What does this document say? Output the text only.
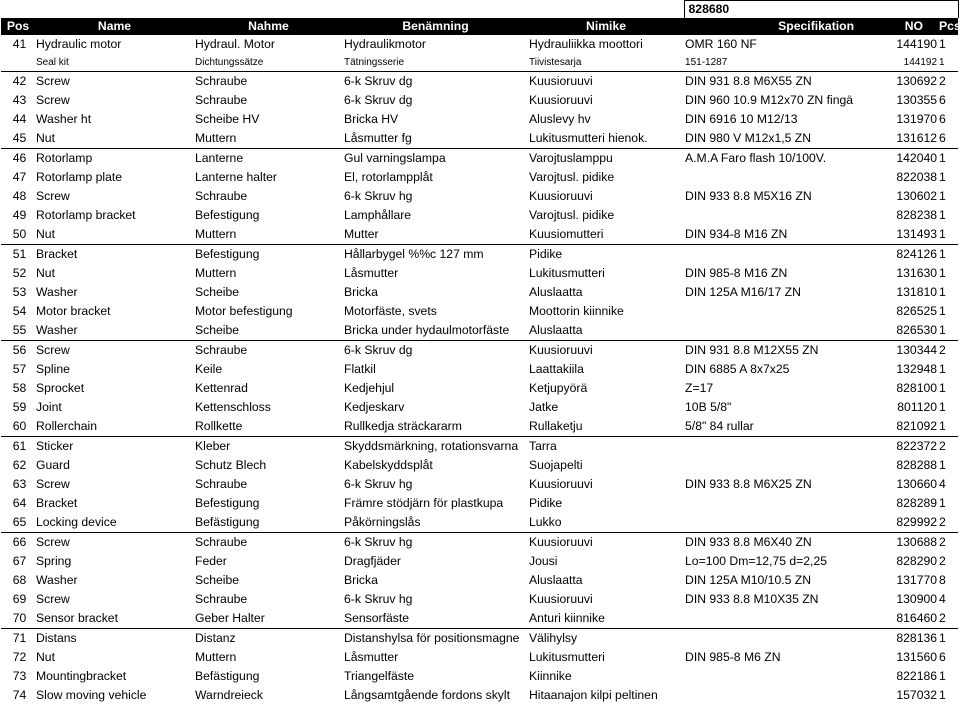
					828680		
Pos	Name	Nahme	Benämning	Nimike	Specifikation	NO	Pcs
41	Hydraulic motor	Hydraul. Motor	Hydraulikmotor	Hydrauliikka moottori	OMR 160 NF	144190	1
	Seal kit	Dichtungssätze	Tätningsserie	Tiivistesarja	151-1287	144192	1
42	Screw	Schraube	6-k Skruv dg	Kuusioruuvi	DIN 931 8.8 M6X55 ZN	130692	2
43	Screw	Schraube	6-k Skruv dg	Kuusioruuvi	DIN 960 10.9 M12x70 ZN fingä	130355	6
44	Washer ht	Scheibe HV	Bricka HV	Aluslevy hv	DIN 6916 10 M12/13	131970	6
45	Nut	Muttern	Låsmutter fg	Lukitusmutteri hienok.	DIN 980 V M12x1,5 ZN	131612	6
46	Rotorlamp	Lanterne	Gul varningslampa	Varojtuslamppu	A.M.A Faro flash 10/100V.	142040	1
47	Rotorlamp plate	Lanterne halter	El, rotorlampplåt	Varojtusl. pidike		822038	1
48	Screw	Schraube	6-k Skruv hg	Kuusioruuvi	DIN 933 8.8 M5X16 ZN	130602	1
49	Rotorlamp bracket	Befestigung	Lamphållare	Varojtusl. pidike		828238	1
50	Nut	Muttern	Mutter	Kuusiomutteri	DIN 934-8 M16 ZN	131493	1
51	Bracket	Befestigung	Hållarbygel %%c 127 mm	Pidike		824126	1
52	Nut	Muttern	Låsmutter	Lukitusmutteri	DIN 985-8 M16 ZN	131630	1
53	Washer	Scheibe	Bricka	Aluslaatta	DIN 125A M16/17 ZN	131810	1
54	Motor bracket	Motor befestigung	Motorfäste, svets	Moottorin kiinnike		826525	1
55	Washer	Scheibe	Bricka under hydaulmotorfäste	Aluslaatta		826530	1
56	Screw	Schraube	6-k Skruv dg	Kuusioruuvi	DIN 931 8.8 M12X55 ZN	130344	2
57	Spline	Keile	Flatkil	Laattakiila	DIN 6885 A 8x7x25	132948	1
58	Sprocket	Kettenrad	Kedjehjul	Ketjupyörä	Z=17	828100	1
59	Joint	Kettenschloss	Kedjeskarv	Jatke	10B 5/8"	801120	1
60	Rollerchain	Rollkette	Rullkedja sträckararm	Rullaketju	5/8" 84 rullar	821092	1
61	Sticker	Kleber	Skyddsmärkning, rotationsvarna	Tarra		822372	2
62	Guard	Schutz Blech	Kabelskyddsplåt	Suojapelti		828288	1
63	Screw	Schraube	6-k Skruv hg	Kuusioruuvi	DIN 933 8.8 M6X25 ZN	130660	4
64	Bracket	Befestigung	Främre stödjärn för plastkupa	Pidike		828289	1
65	Locking device	Befästigung	Påkörningslås	Lukko		829992	2
66	Screw	Schraube	6-k Skruv hg	Kuusioruuvi	DIN 933 8.8 M6X40 ZN	130688	2
67	Spring	Feder	Dragfjäder	Jousi	Lo=100 Dm=12,75 d=2,25	828290	2
68	Washer	Scheibe	Bricka	Aluslaatta	DIN 125A M10/10.5 ZN	131770	8
69	Screw	Schraube	6-k Skruv hg	Kuusioruuvi	DIN 933 8.8 M10X35 ZN	130900	4
70	Sensor bracket	Geber Halter	Sensorfäste	Anturi kiinnike		816460	2
71	Distans	Distanz	Distanshylsa för positionsmagne	Välihylsy		828136	1
72	Nut	Muttern	Låsmutter	Lukitusmutteri	DIN 985-8 M6 ZN	131560	6
73	Mountingbracket	Befästigung	Triangelfäste	Kiinnike		822186	1
74	Slow moving vehicle	Warndreieck	Långsamtgående fordons skylt	Hitaanajon kilpi peltinen		157032	1
